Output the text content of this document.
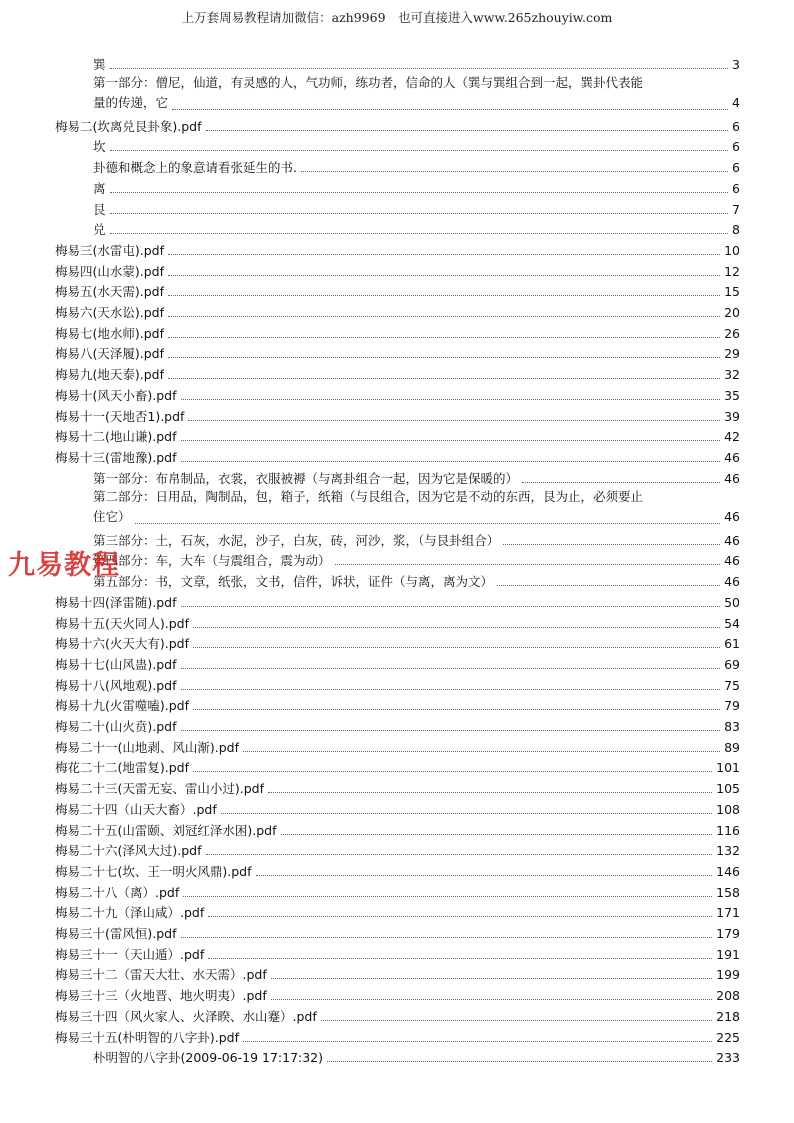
上万套周易教程请加微信：azh9969　也可直接进入www.265zhouyiw.com
巽	3
第一部分：僧尼，仙道，有灵感的人，气功师，练功者，信命的人（巽与巽组合到一起，巽卦代表能
量的传递，它	4
梅易二(坎离兑艮卦象).pdf	6
坎	6
卦德和概念上的象意请看张延生的书.	6
离	6
艮	7
兑	8
梅易三(水雷屯).pdf	10
梅易四(山水蒙).pdf	12
梅易五(水天需).pdf	15
梅易六(天水讼).pdf	20
梅易七(地水师).pdf	26
梅易八(天泽履).pdf	29
梅易九(地天泰).pdf	32
梅易十(风天小畜).pdf	35
梅易十一(天地否1).pdf	39
梅易十二(地山谦).pdf	42
梅易十三(雷地豫).pdf	46
第一部分：布帛制品，衣裳，衣服被褥（与离卦组合一起，因为它是保暖的）	46
第二部分：日用品，陶制品，包，箱子，纸箱（与艮组合，因为它是不动的东西，艮为止，必须要止
住它）	46
第三部分：土，石灰，水泥，沙子，白灰，砖，河沙，浆，（与艮卦组合）	46
第四部分：车，大车（与震组合，震为动）	46
第五部分：书，文章，纸张，文书，信件，诉状，证件（与离，离为文）	46
梅易十四(泽雷随).pdf	50
梅易十五(天火同人).pdf	54
梅易十六(火天大有).pdf	61
梅易十七(山风蛊).pdf	69
梅易十八(风地观).pdf	75
梅易十九(火雷噬嗑).pdf	79
梅易二十(山火贲).pdf	83
梅易二十一(山地剥、风山渐).pdf	89
梅花二十二(地雷复).pdf	101
梅易二十三(天雷无妄、雷山小过).pdf	105
梅易二十四（山天大畜）.pdf	108
梅易二十五(山雷颐、刘冠红泽水困).pdf	116
梅易二十六(泽风大过).pdf	132
梅易二十七(坎、王一明火风鼎).pdf	146
梅易二十八（离）.pdf	158
梅易二十九（泽山咸）.pdf	171
梅易三十(雷风恒).pdf	179
梅易三十一（天山遁）.pdf	191
梅易三十二（雷天大壮、水天需）.pdf	199
梅易三十三（火地晋、地火明夷）.pdf	208
梅易三十四（风火家人、火泽睽、水山蹇）.pdf	218
梅易三十五(朴明智的八字卦).pdf	225
朴明智的八字卦(2009-06-19 17:17:32)	233
九易教程
